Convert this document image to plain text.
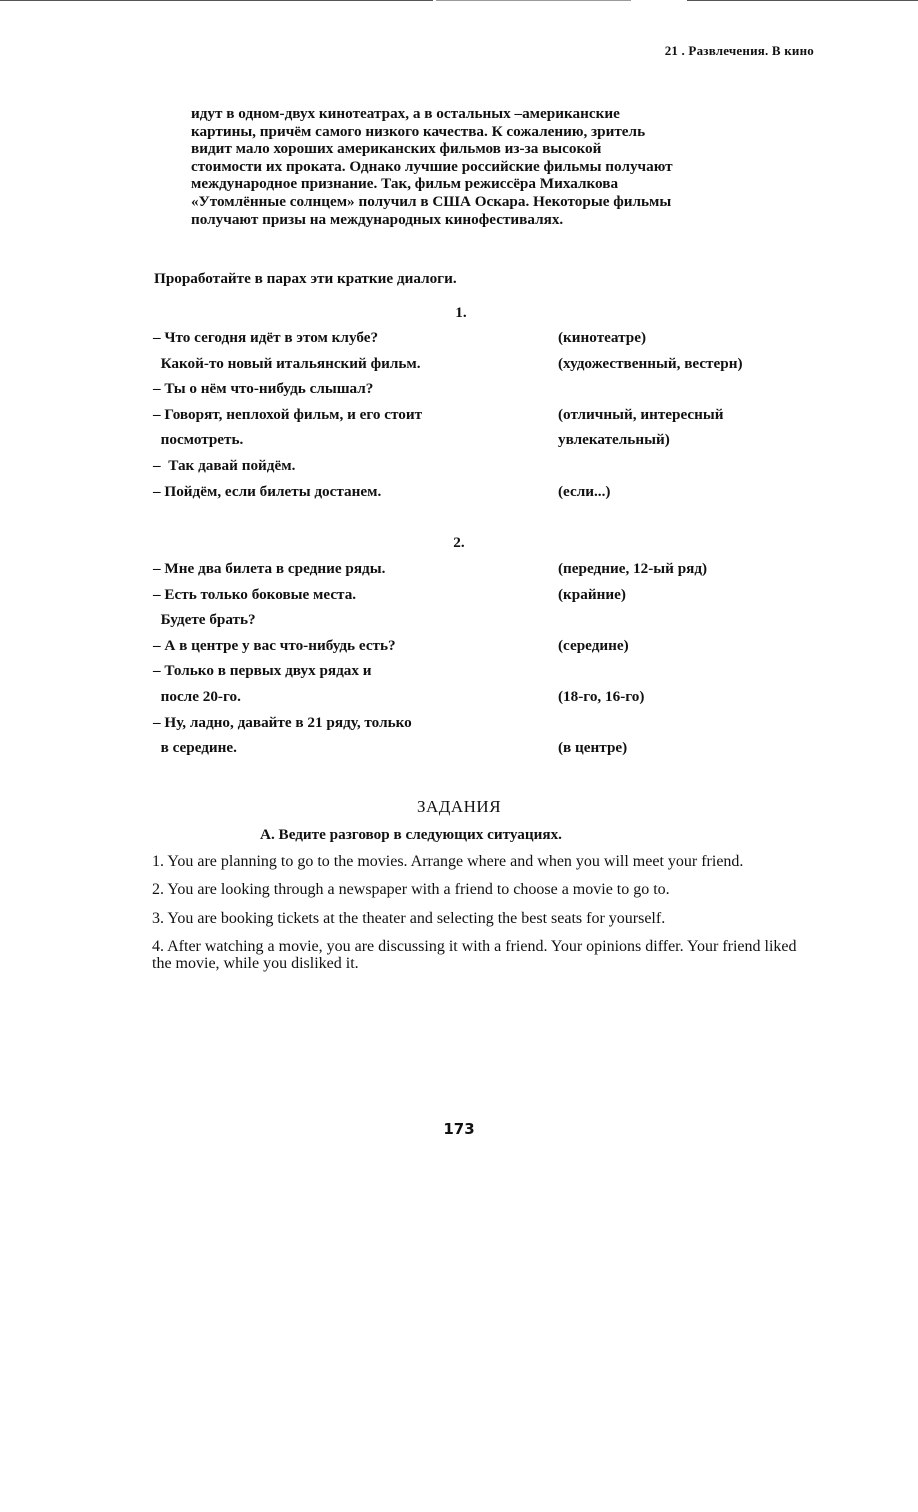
21 . Развлечения. В кино

идут в одном-двух кинотеатрах, а в остальных –американские

картины, причём самого низкого качества. К сожалению, зритель

видит мало хороших американских фильмов из-за высокой

стоимости их проката. Однако лучшие российские фильмы получают

международное признание. Так, фильм режиссёра Михалкова

«Утомлённые солнцем» получил в США Оскара. Некоторые фильмы

получают призы на международных кинофестивалях.

Проработайте в парах эти краткие диалоги.
1.
– Что сегодня идёт в этом клубе?	(кинотеатре)
Какой-то новый итальянский фильм.	(художественный, вестерн)
– Ты о нём что-нибудь слышал?
– Говорят, неплохой фильм, и его стоит	(отличный, интересный
посмотреть.	увлекательный)
–  Так давай пойдём.
– Пойдём, если билеты достанем.	(если...)
2.
– Мне два билета в средние ряды.	(передние, 12-ый ряд)
– Есть только боковые места.	(крайние)
Будете брать?
– А в центре у вас что-нибудь есть?	(середине)
– Только в первых двух рядах и
после 20-го.	(18-го, 16-го)
– Ну, ладно, давайте в 21 ряду, только
в середине.	(в центре)
ЗАДАНИЯ
А. Ведите разговор в следующих ситуациях.

1. You are planning to go to the movies. Arrange where and when you will meet your friend.

2. You are looking through a newspaper with a friend to choose a movie to go to.

3. You are booking tickets at the theater and selecting the best seats for yourself.

4. After watching a movie, you are discussing it with a friend. Your opinions differ. Your friend liked the movie, while you disliked it.

173
